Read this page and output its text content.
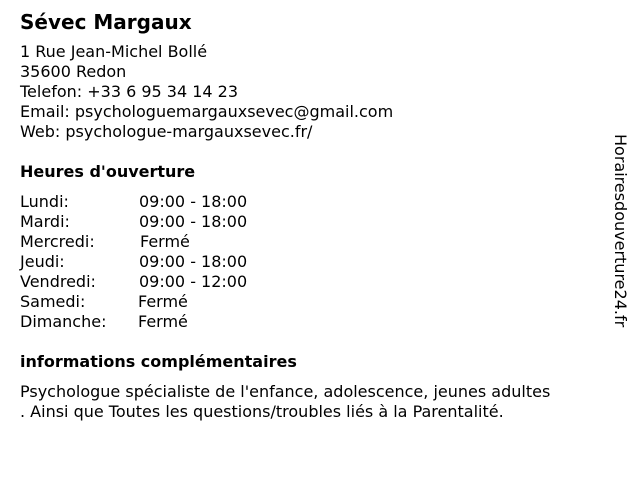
Sévec Margaux
1 Rue Jean-Michel Bollé
35600 Redon
Telefon: +33 6 95 34 14 23
Email: psychologuemargauxsevec@gmail.com
Web: psychologue-margauxsevec.fr/
Heures d'ouverture
Lundi:	09:00 - 18:00
Mardi:	09:00 - 18:00
Mercredi:	Fermé
Jeudi:	09:00 - 18:00
Vendredi:	09:00 - 12:00
Samedi:	Fermé
Dimanche: Fermé
informations complémentaires
Psychologue spécialiste de l'enfance, adolescence, jeunes adultes
. Ainsi que Toutes les questions/troubles liés à la Parentalité.
Horairesdouverture24.fr
